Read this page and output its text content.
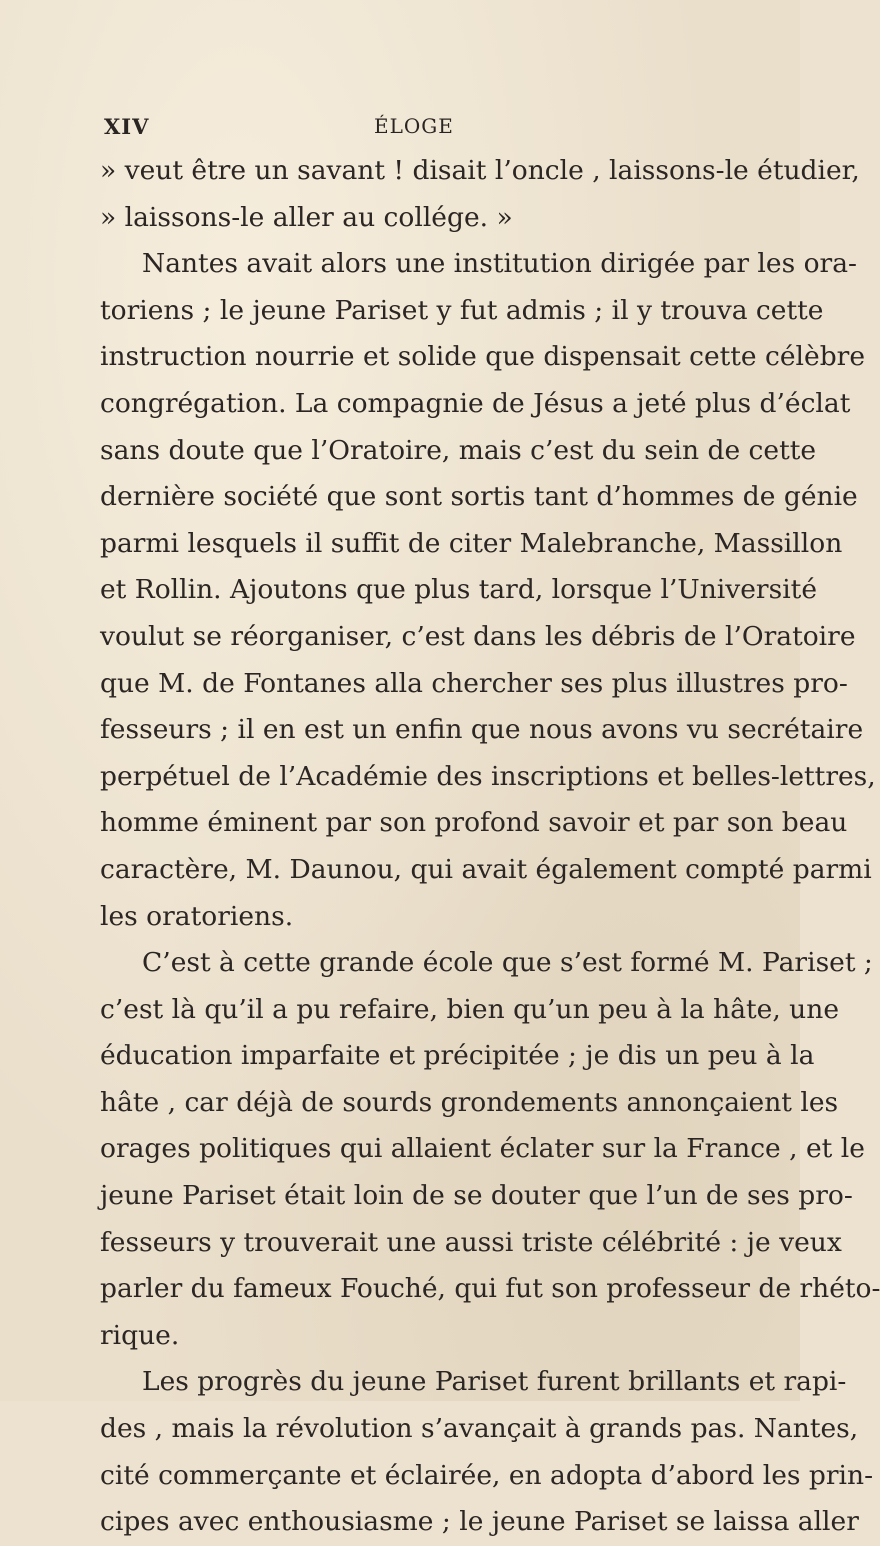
XIV	ÉLOGE
» veut être un savant ! disait l’oncle , laissons-le étudier,
» laissons-le aller au collége. »
Nantes avait alors une institution dirigée par les ora-
toriens ; le jeune Pariset y fut admis ; il y trouva cette
instruction nourrie et solide que dispensait cette célèbre
congrégation. La compagnie de Jésus a jeté plus d’éclat
sans doute que l’Oratoire, mais c’est du sein de cette
dernière société que sont sortis tant d’hommes de génie
parmi lesquels il suffit de citer Malebranche, Massillon
et Rollin. Ajoutons que plus tard, lorsque l’Université
voulut se réorganiser, c’est dans les débris de l’Oratoire
que M. de Fontanes alla chercher ses plus illustres pro-
fesseurs ; il en est un enfin que nous avons vu secrétaire
perpétuel de l’Académie des inscriptions et belles-lettres,
homme éminent par son profond savoir et par son beau
caractère, M. Daunou, qui avait également compté parmi
les oratoriens.
C’est à cette grande école que s’est formé M. Pariset ;
c’est là qu’il a pu refaire, bien qu’un peu à la hâte, une
éducation imparfaite et précipitée ; je dis un peu à la
hâte , car déjà de sourds grondements annonçaient les
orages politiques qui allaient éclater sur la France , et le
jeune Pariset était loin de se douter que l’un de ses pro-
fesseurs y trouverait une aussi triste célébrité : je veux
parler du fameux Fouché, qui fut son professeur de rhéto-
rique.
Les progrès du jeune Pariset furent brillants et rapi-
des , mais la révolution s’avançait à grands pas. Nantes,
cité commerçante et éclairée, en adopta d’abord les prin-
cipes avec enthousiasme ; le jeune Pariset se laissa aller
